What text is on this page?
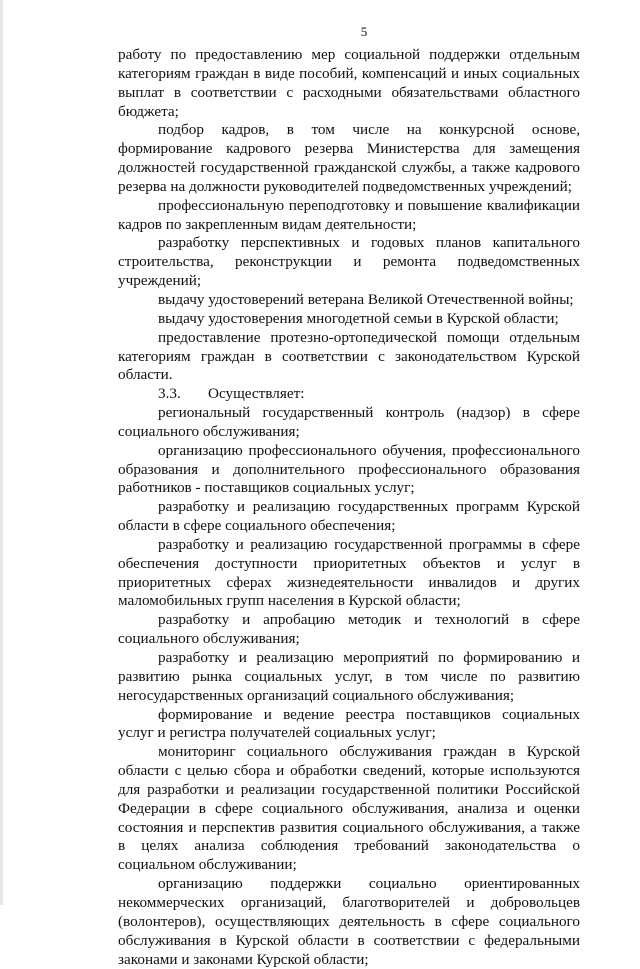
5

работу по предоставлению мер социальной поддержки отдельным категориям граждан в виде пособий, компенсаций и иных социальных выплат в соответствии с расходными обязательствами областного бюджета;

подбор кадров, в том числе на конкурсной основе, формирование кадрового резерва Министерства для замещения должностей государственной гражданской службы, а также кадрового резерва на должности руководителей подведомственных учреждений;

профессиональную переподготовку и повышение квалификации кадров по закрепленным видам деятельности;

разработку перспективных и годовых планов капитального строительства, реконструкции и ремонта подведомственных учреждений;

выдачу удостоверений ветерана Великой Отечественной войны;

выдачу удостоверения многодетной семьи в Курской области;

предоставление протезно-ортопедической помощи отдельным категориям граждан в соответствии с законодательством Курской области.

3.3. Осуществляет:

региональный государственный контроль (надзор) в сфере социального обслуживания;

организацию профессионального обучения, профессионального образования и дополнительного профессионального образования работников - поставщиков социальных услуг;

разработку и реализацию государственных программ Курской области в сфере социального обеспечения;

разработку и реализацию государственной программы в сфере обеспечения доступности приоритетных объектов и услуг в приоритетных сферах жизнедеятельности инвалидов и других маломобильных групп населения в Курской области;

разработку и апробацию методик и технологий в сфере социального обслуживания;

разработку и реализацию мероприятий по формированию и развитию рынка социальных услуг, в том числе по развитию негосударственных организаций социального обслуживания;

формирование и ведение реестра поставщиков социальных услуг и регистра получателей социальных услуг;

мониторинг социального обслуживания граждан в Курской области с целью сбора и обработки сведений, которые используются для разработки и реализации государственной политики Российской Федерации в сфере социального обслуживания, анализа и оценки состояния и перспектив развития социального обслуживания, а также в целях анализа соблюдения требований законодательства о социальном обслуживании;

организацию поддержки социально ориентированных некоммерческих организаций, благотворителей и добровольцев (волонтеров), осуществляющих деятельность в сфере социального обслуживания в Курской области в соответствии с федеральными законами и законами Курской области;
